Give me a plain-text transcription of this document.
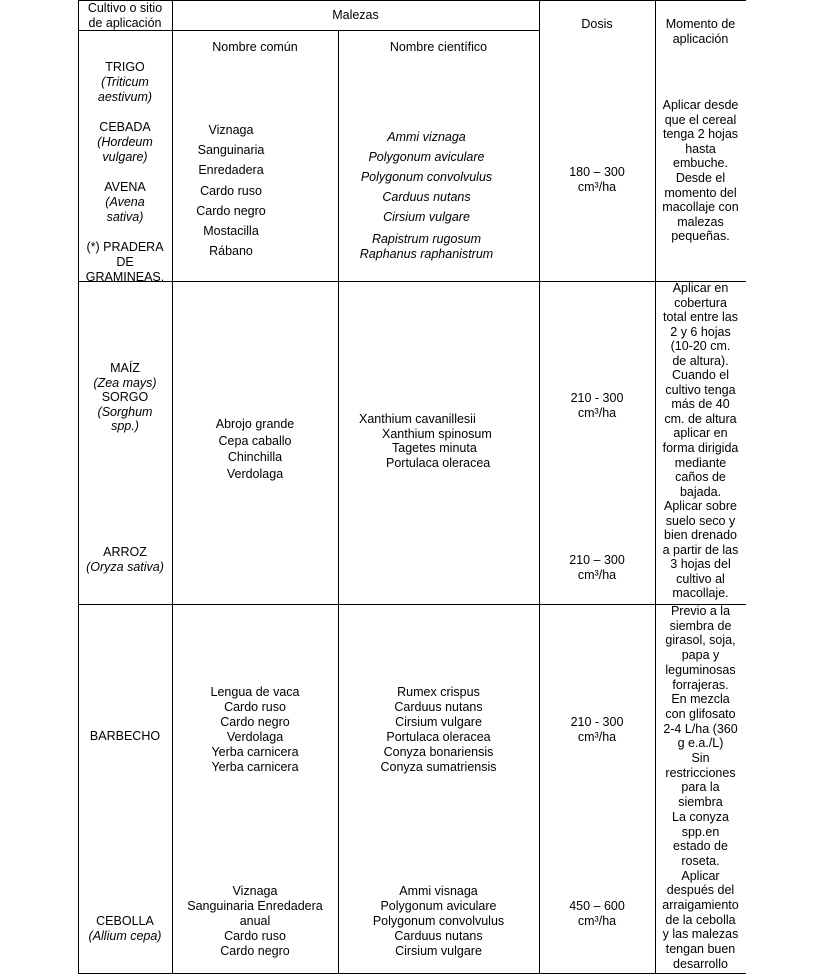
Cultivo o sitio
de aplicación
Malezas
Nombre común	Nombre científico
Dosis	Momento de
aplicación
TRIGO
(Triticum
aestivum)
CEBADA
(Hordeum
vulgare)
AVENA
(Avena
sativa)
(*) PRADERA
DE
GRAMINEAS.
Viznaga
Sanguinaria
Enredadera
Cardo ruso
Cardo negro
Mostacilla
Rábano
Ammi viznaga
Polygonum aviculare
Polygonum convolvulus
Carduus nutans
Cirsium vulgare
Rapistrum rugosum
Raphanus raphanistrum
180 – 300
cm³/ha
Aplicar desde
que el cereal
tenga 2 hojas
hasta
embuche.
Desde el
momento del
macollaje con
malezas
pequeñas.
MAÍZ
(Zea mays)
SORGO
(Sorghum
spp.)
ARROZ
(Oryza sativa)
Abrojo grande
Cepa caballo
Chinchilla
Verdolaga
Xanthium cavanillesii
Xanthium spinosum
Tagetes minuta
Portulaca oleracea
210 - 300
cm³/ha
210 – 300
cm³/ha
Aplicar en
cobertura
total entre las
2 y 6 hojas
(10-20 cm.
de altura).
Cuando el
cultivo tenga
más de 40
cm. de altura
aplicar en
forma dirigida
mediante
caños de
bajada.
Aplicar sobre
suelo seco y
bien drenado
a partir de las
3 hojas del
cultivo al
macollaje.
BARBECHO
CEBOLLA
(Allium cepa)
Lengua de vaca
Cardo ruso
Cardo negro
Verdolaga
Yerba carnicera
Yerba carnicera
Rumex crispus
Carduus nutans
Cirsium vulgare
Portulaca oleracea
Conyza bonariensis
Conyza sumatriensis
Viznaga
Sanguinaria Enredadera
anual
Cardo ruso
Cardo negro
Ammi visnaga
Polygonum aviculare
Polygonum convolvulus
Carduus nutans
Cirsium vulgare
210 - 300
cm³/ha
450 – 600
cm³/ha
Previo a la
siembra de
girasol, soja,
papa y
leguminosas
forrajeras.
En mezcla
con glifosato
2-4 L/ha (360
g e.a./L)
Sin
restricciones
para la
siembra
La conyza
spp.en
estado de
roseta.
Aplicar
después del
arraigamiento
de la cebolla
y las malezas
tengan buen
desarrollo
